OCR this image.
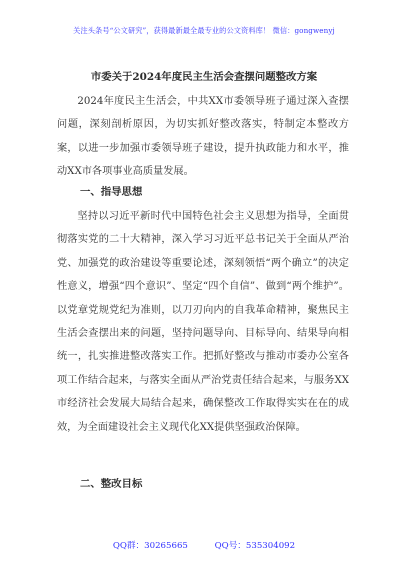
关注头条号“公文研究”，获得最新最全最专业的公文资料库！ 微信：gongwenyj
市委关于2024年度民主生活会查摆问题整改方案

2024年度民主生活会，中共XX市委领导班子通过深入查摆问题，深刻剖析原因，为切实抓好整改落实，特制定本整改方案，以进一步加强市委领导班子建设，提升执政能力和水平，推动XX市各项事业高质量发展。

一、指导思想

坚持以习近平新时代中国特色社会主义思想为指导，全面贯彻落实党的二十大精神，深入学习习近平总书记关于全面从严治党、加强党的政治建设等重要论述，深刻领悟“两个确立”的决定性意义，增强“四个意识”、坚定“四个自信”、做到“两个维护”。以党章党规党纪为准则，以刀刃向内的自我革命精神，聚焦民主生活会查摆出来的问题，坚持问题导向、目标导向、结果导向相统一，扎实推进整改落实工作。把抓好整改与推动市委办公室各项工作结合起来，与落实全面从严治党责任结合起来，与服务XX市经济社会发展大局结合起来，确保整改工作取得实实在在的成效，为全面建设社会主义现代化XX提供坚强政治保障。

二、整改目标
QQ群：30265665	QQ号：535304092
